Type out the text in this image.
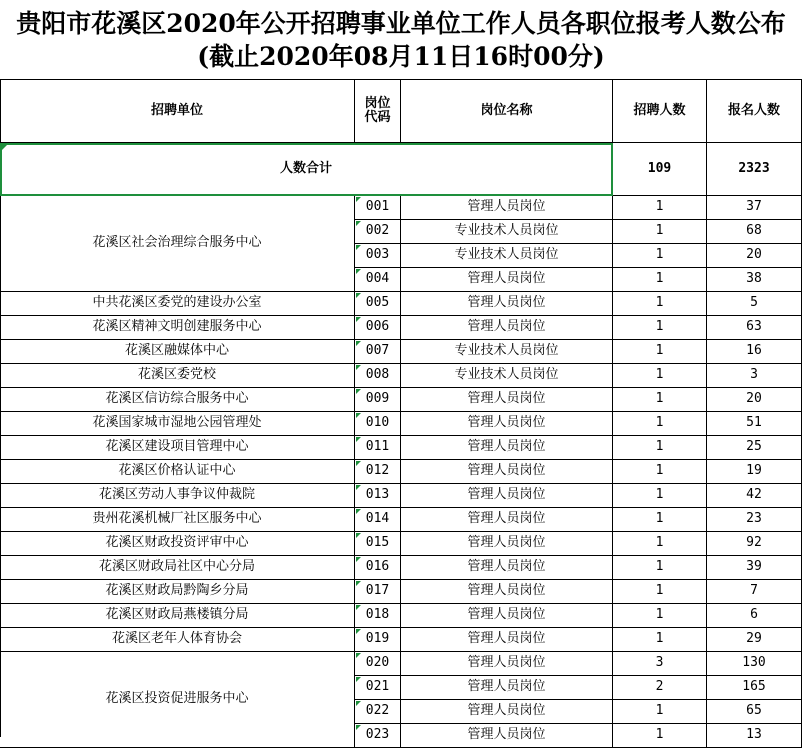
贵阳市花溪区2020年公开招聘事业单位工作人员各职位报考人数公布(截止2020年08月11日16时00分)
招聘单位	岗位代码	岗位名称	招聘人数	报名人数
人数合计	109	2323
花溪区社会治理综合服务中心
001	管理人员岗位	1	37
002	专业技术人员岗位	1	68
003	专业技术人员岗位	1	20
004	管理人员岗位	1	38
中共花溪区委党的建设办公室	005	管理人员岗位	1	5
花溪区精神文明创建服务中心	006	管理人员岗位	1	63
花溪区融媒体中心	007	专业技术人员岗位	1	16
花溪区委党校	008	专业技术人员岗位	1	3
花溪区信访综合服务中心	009	管理人员岗位	1	20
花溪国家城市湿地公园管理处	010	管理人员岗位	1	51
花溪区建设项目管理中心	011	管理人员岗位	1	25
花溪区价格认证中心	012	管理人员岗位	1	19
花溪区劳动人事争议仲裁院	013	管理人员岗位	1	42
贵州花溪机械厂社区服务中心	014	管理人员岗位	1	23
花溪区财政投资评审中心	015	管理人员岗位	1	92
花溪区财政局社区中心分局	016	管理人员岗位	1	39
花溪区财政局黔陶乡分局	017	管理人员岗位	1	7
花溪区财政局燕楼镇分局	018	管理人员岗位	1	6
花溪区老年人体育协会	019	管理人员岗位	1	29
花溪区投资促进服务中心
020	管理人员岗位	3	130
021	管理人员岗位	2	165
022	管理人员岗位	1	65
023	管理人员岗位	1	13
